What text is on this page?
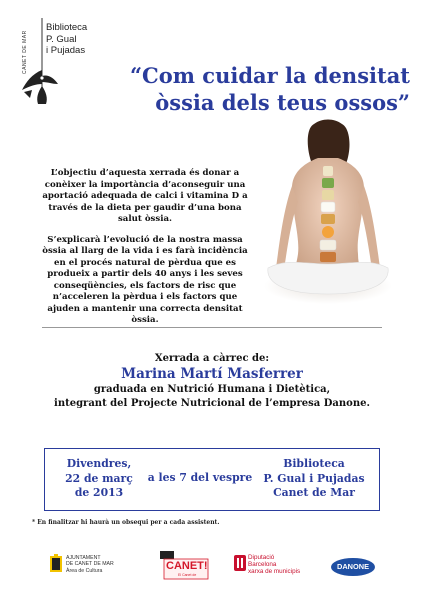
CANET DE MAR
Biblioteca
P. Gual
i Pujadas
“Com cuidar la densitat
òssia dels teus ossos”

L’objectiu d’aquesta xerrada és donar a conèixer la importància d’aconseguir una aportació adequada de calci i vitamina D a través de la dieta per gaudir d’una bona salut òssia.

S’explicarà l’evolució de la nostra massa òssia al llarg de la vida i es farà incidència en el procés natural de pèrdua que es produeix a partir dels 40 anys i les seves conseqüències, els factors de risc que n’acceleren la pèrdua i els factors que ajuden a mantenir una correcta densitat òssia.

Xerrada a càrrec de:
Marina Martí Masferrer
graduada en Nutrició Humana i Dietètica,
integrant del Projecte Nutricional de l’empresa Danone.
Divendres,
22 de març
de 2013
a les 7 del vespre
Biblioteca
P. Gual i Pujadas
Canet de Mar
* En finalitzar hi haurà un obsequi per a cada assistent.
AJUNTAMENT
DE CANET DE MAR
Àrea de Cultura	CANET!
El Canet de
Diputació
Barcelona
xarxa de municipis
DANONE
